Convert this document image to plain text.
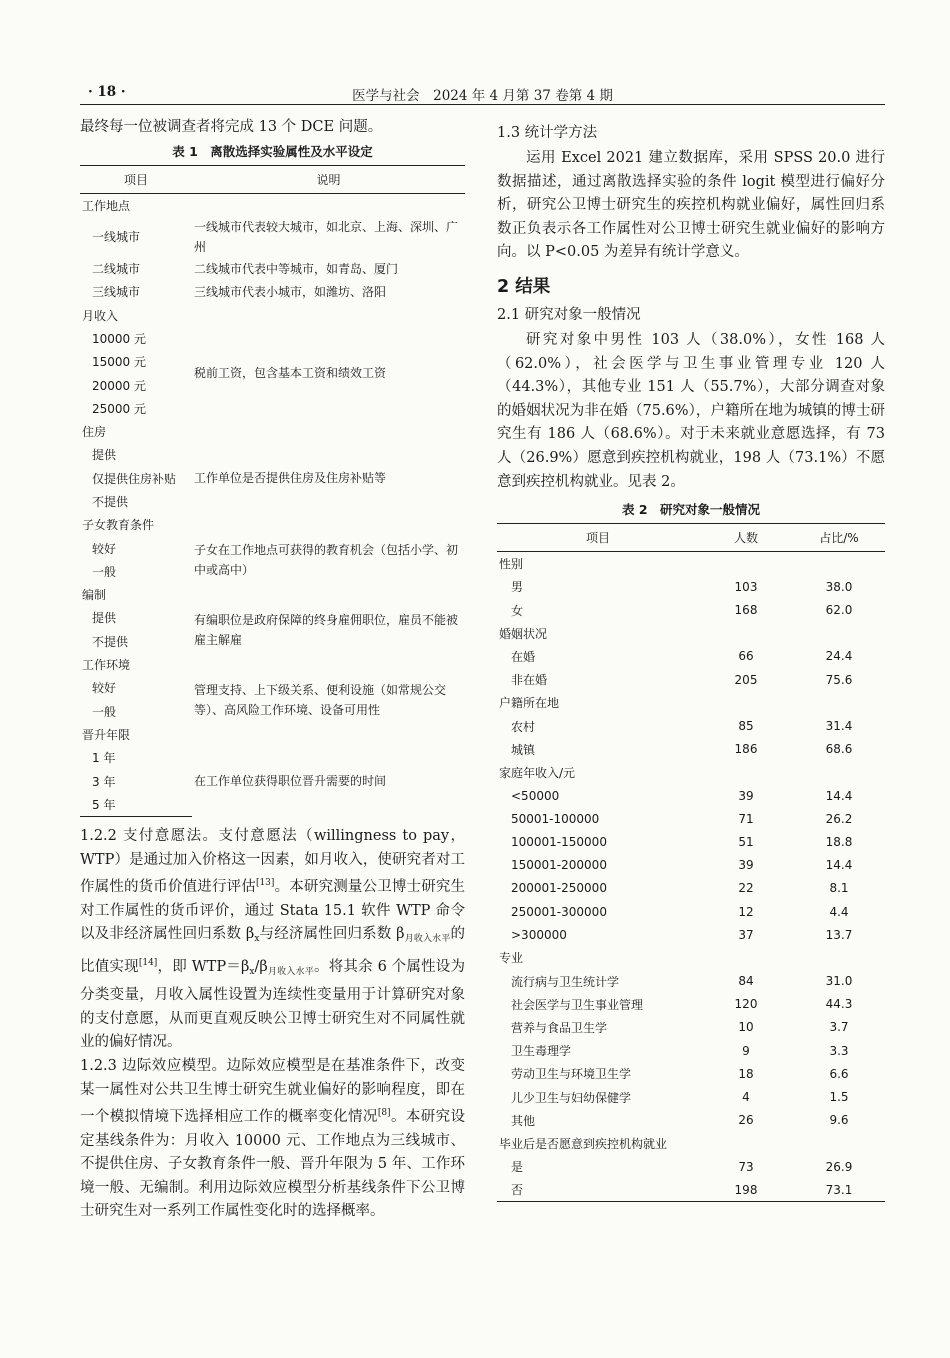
· 18 ·	医学与社会　2024 年 4 月第 37 卷第 4 期

最终每一位被调查者将完成 13 个 DCE 问题。

表 1　离散选择实验属性及水平设定
项目	说明
工作地点	
一线城市	一线城市代表较大城市，如北京、上海、深圳、广州
二线城市	二线城市代表中等城市，如青岛、厦门
三线城市	三线城市代表小城市，如潍坊、洛阳
月收入	
10000 元	税前工资，包含基本工资和绩效工资
15000 元	
20000 元	
25000 元	
住房	
提供	工作单位是否提供住房及住房补贴等
仅提供住房补贴	
不提供	
子女教育条件	
较好	子女在工作地点可获得的教育机会（包括小学、初中或高中）
一般	
编制	
提供	有编职位是政府保障的终身雇佣职位，雇员不能被雇主解雇
不提供	
工作环境	
较好	管理支持、上下级关系、便利设施（如常规公交等）、高风险工作环境、设备可用性
一般	
晋升年限	
1 年	在工作单位获得职位晋升需要的时间
3 年	
5 年	

1.2.2 支付意愿法。支付意愿法（willingness to pay，WTP）是通过加入价格这一因素，如月收入，使研究者对工作属性的货币价值进行评估[13]。本研究测量公卫博士研究生对工作属性的货币评价，通过 Stata 15.1 软件 WTP 命令以及非经济属性回归系数 $\beta_x$与经济属性回归系数 $\beta_{月收入水平}$的比值实现[14]，即 $WTP=\beta_x/\beta_{月收入水平}$。将其余 6 个属性设为分类变量，月收入属性设置为连续性变量用于计算研究对象的支付意愿，从而更直观反映公卫博士研究生对不同属性就业的偏好情况。

1.2.3 边际效应模型。边际效应模型是在基准条件下，改变某一属性对公共卫生博士研究生就业偏好的影响程度，即在一个模拟情境下选择相应工作的概率变化情况[8]。本研究设定基线条件为：月收入 10000 元、工作地点为三线城市、不提供住房、子女教育条件一般、晋升年限为 5 年、工作环境一般、无编制。利用边际效应模型分析基线条件下公卫博士研究生对一系列工作属性变化时的选择概率。

1.3 统计学方法

运用 Excel 2021 建立数据库，采用 SPSS 20.0 进行数据描述，通过离散选择实验的条件 logit 模型进行偏好分析，研究公卫博士研究生的疾控机构就业偏好，属性回归系数正负表示各工作属性对公卫博士研究生就业偏好的影响方向。以 P<0.05 为差异有统计学意义。

2 结果
2.1 研究对象一般情况

研究对象中男性 103 人（38.0%），女性 168 人（62.0%），社会医学与卫生事业管理专业 120 人（44.3%），其他专业 151 人（55.7%），大部分调查对象的婚姻状况为非在婚（75.6%），户籍所在地为城镇的博士研究生有 186 人（68.6%）。对于未来就业意愿选择，有 73 人（26.9%）愿意到疾控机构就业，198 人（73.1%）不愿意到疾控机构就业。见表 2。

表 2　研究对象一般情况
项目	人数	占比/%
性别		
男	103	38.0
女	168	62.0
婚姻状况		
在婚	66	24.4
非在婚	205	75.6
户籍所在地		
农村	85	31.4
城镇	186	68.6
家庭年收入/元		
<50000	39	14.4
50001-100000	71	26.2
100001-150000	51	18.8
150001-200000	39	14.4
200001-250000	22	8.1
250001-300000	12	4.4
>300000	37	13.7
专业		
流行病与卫生统计学	84	31.0
社会医学与卫生事业管理	120	44.3
营养与食品卫生学	10	3.7
卫生毒理学	9	3.3
劳动卫生与环境卫生学	18	6.6
儿少卫生与妇幼保健学	4	1.5
其他	26	9.6
毕业后是否愿意到疾控机构就业		
是	73	26.9
否	198	73.1
